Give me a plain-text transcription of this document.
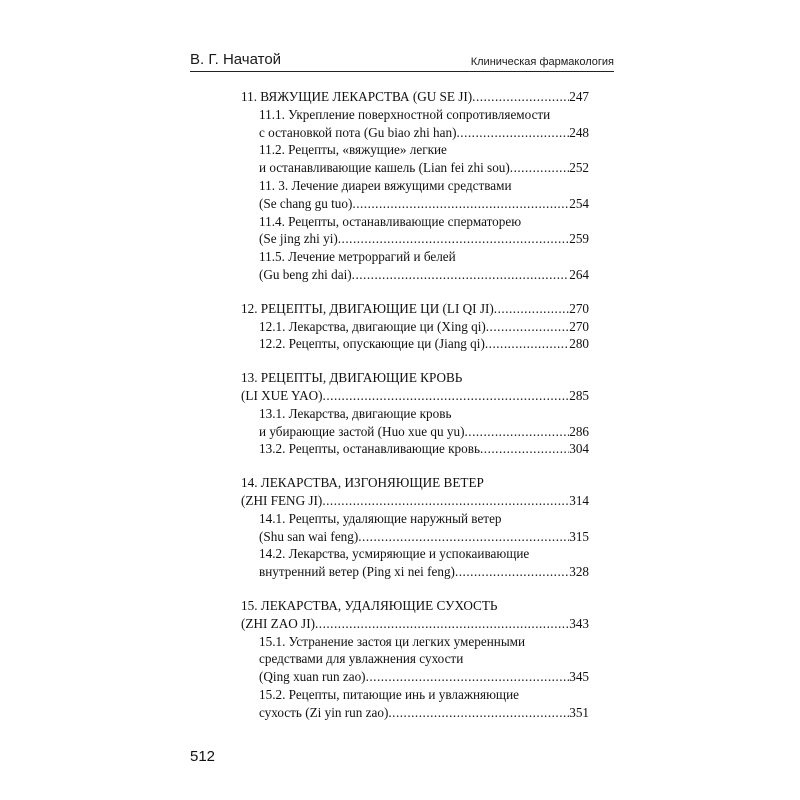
В. Г. Начатой	Клиническая фармакология
11. ВЯЖУЩИЕ ЛЕКАРСТВА (GU SE JI) .....	247
11.1. Укрепление поверхностной сопротивляемости
с остановкой пота (Gu biao zhi han) .....	248
11.2. Рецепты, «вяжущие» легкие
и останавливающие кашель (Lian fei zhi sou) .....	252
11. 3. Лечение диареи вяжущими средствами
(Se chang gu tuo) .....	254
11.4. Рецепты, останавливающие сперматорею
(Se jing zhi yi) .....	259
11.5. Лечение метроррагий и белей
(Gu beng zhi dai) .....	264
12. РЕЦЕПТЫ, ДВИГАЮЩИЕ ЦИ (LI QI JI) .....	270
12.1. Лекарства, двигающие ци (Xing qi) .....	270
12.2. Рецепты, опускающие ци (Jiang qi) .....	280
13. РЕЦЕПТЫ, ДВИГАЮЩИЕ КРОВЬ
(LI XUE YAO) .....	285
13.1. Лекарства, двигающие кровь
и убирающие застой (Huo xue qu yu) .....	286
13.2. Рецепты, останавливающие кровь .....	304
14. ЛЕКАРСТВА, ИЗГОНЯЮЩИЕ ВЕТЕР
(ZHI FENG JI) .....	314
14.1. Рецепты, удаляющие наружный ветер
(Shu san wai feng) .....	315
14.2. Лекарства, усмиряющие и успокаивающие
внутренний ветер (Ping xi nei feng) .....	328
15. ЛЕКАРСТВА, УДАЛЯЮЩИЕ СУХОСТЬ
(ZHI ZAO JI) .....	343
15.1. Устранение застоя ци легких умеренными
средствами для увлажнения сухости
(Qing xuan run zao) .....	345
15.2. Рецепты, питающие инь и увлажняющие
сухость (Zi yin run zao) .....	351
512
